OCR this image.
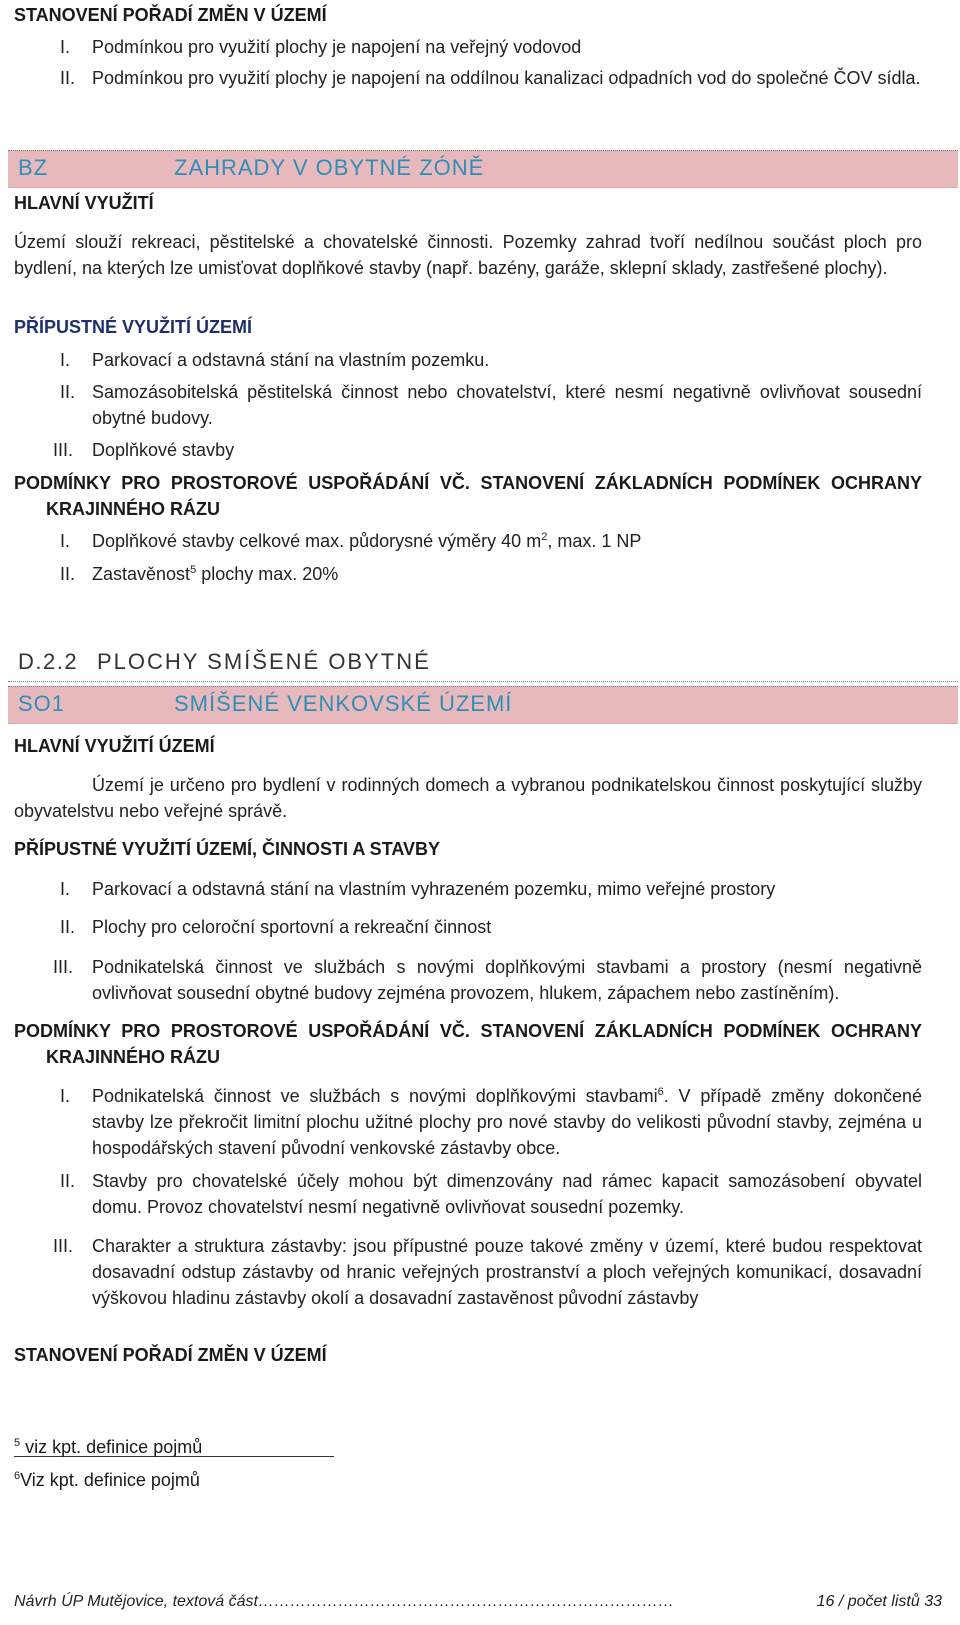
STANOVENÍ POŘADÍ ZMĚN V ÚZEMÍ
I. Podmínkou pro využití plochy je napojení na veřejný vodovod
II. Podmínkou pro využití plochy je napojení na oddílnou kanalizaci odpadních vod do společné ČOV sídla.
BZ	ZAHRADY V OBYTNÉ ZÓNĚ
HLAVNÍ VYUŽITÍ
Území slouží rekreaci, pěstitelské a chovatelské činnosti. Pozemky zahrad tvoří nedílnou součást ploch pro bydlení, na kterých lze umisťovat doplňkové stavby (např. bazény, garáže, sklepní sklady, zastřešené plochy).
PŘÍPUSTNÉ VYUŽITÍ ÚZEMÍ
I. Parkovací a odstavná stání na vlastním pozemku.
II. Samozásobitelská pěstitelská činnost nebo chovatelství, které nesmí negativně ovlivňovat sousední obytné budovy.
III. Doplňkové stavby
PODMÍNKY PRO PROSTOROVÉ USPOŘÁDÁNÍ VČ. STANOVENÍ ZÁKLADNÍCH PODMÍNEK OCHRANY
KRAJINNÉHO RÁZU
I. Doplňkové stavby celkové max. půdorysné výměry 40 $m^2$, max. 1 NP
II. Zastavěnost$^5$ plochy max. 20%
D.2.2 PLOCHY SMÍŠENÉ OBYTNÉ
SO1	SMÍŠENÉ VENKOVSKÉ ÚZEMÍ
HLAVNÍ VYUŽITÍ ÚZEMÍ
Území je určeno pro bydlení v rodinných domech a vybranou podnikatelskou činnost poskytující služby obyvatelstvu nebo veřejné správě.
PŘÍPUSTNÉ VYUŽITÍ ÚZEMÍ, ČINNOSTI A STAVBY
I. Parkovací a odstavná stání na vlastním vyhrazeném pozemku, mimo veřejné prostory
II. Plochy pro celoroční sportovní a rekreační činnost
III. Podnikatelská činnost ve službách s novými doplňkovými stavbami a prostory (nesmí negativně ovlivňovat sousední obytné budovy zejména provozem, hlukem, zápachem nebo zastíněním).
PODMÍNKY PRO PROSTOROVÉ USPOŘÁDÁNÍ VČ. STANOVENÍ ZÁKLADNÍCH PODMÍNEK OCHRANY
KRAJINNÉHO RÁZU
I. Podnikatelská činnost ve službách s novými doplňkovými stavbami$^6$. V případě změny dokončené stavby lze překročit limitní plochu užitné plochy pro nové stavby do velikosti původní stavby, zejména u hospodářských stavení původní venkovské zástavby obce.
II. Stavby pro chovatelské účely mohou být dimenzovány nad rámec kapacit samozásobení obyvatel domu. Provoz chovatelství nesmí negativně ovlivňovat sousední pozemky.
III. Charakter a struktura zástavby: jsou přípustné pouze takové změny v území, které budou respektovat dosavadní odstup zástavby od hranic veřejných prostranství a ploch veřejných komunikací, dosavadní výškovou hladinu zástavby okolí a dosavadní zastavěnost původní zástavby
STANOVENÍ POŘADÍ ZMĚN V ÚZEMÍ
$^5$ viz kpt. definice pojmů
$^6$Viz kpt. definice pojmů
Návrh ÚP Mutějovice, textová část……………………………………………………………………	16 / počet listů 33
